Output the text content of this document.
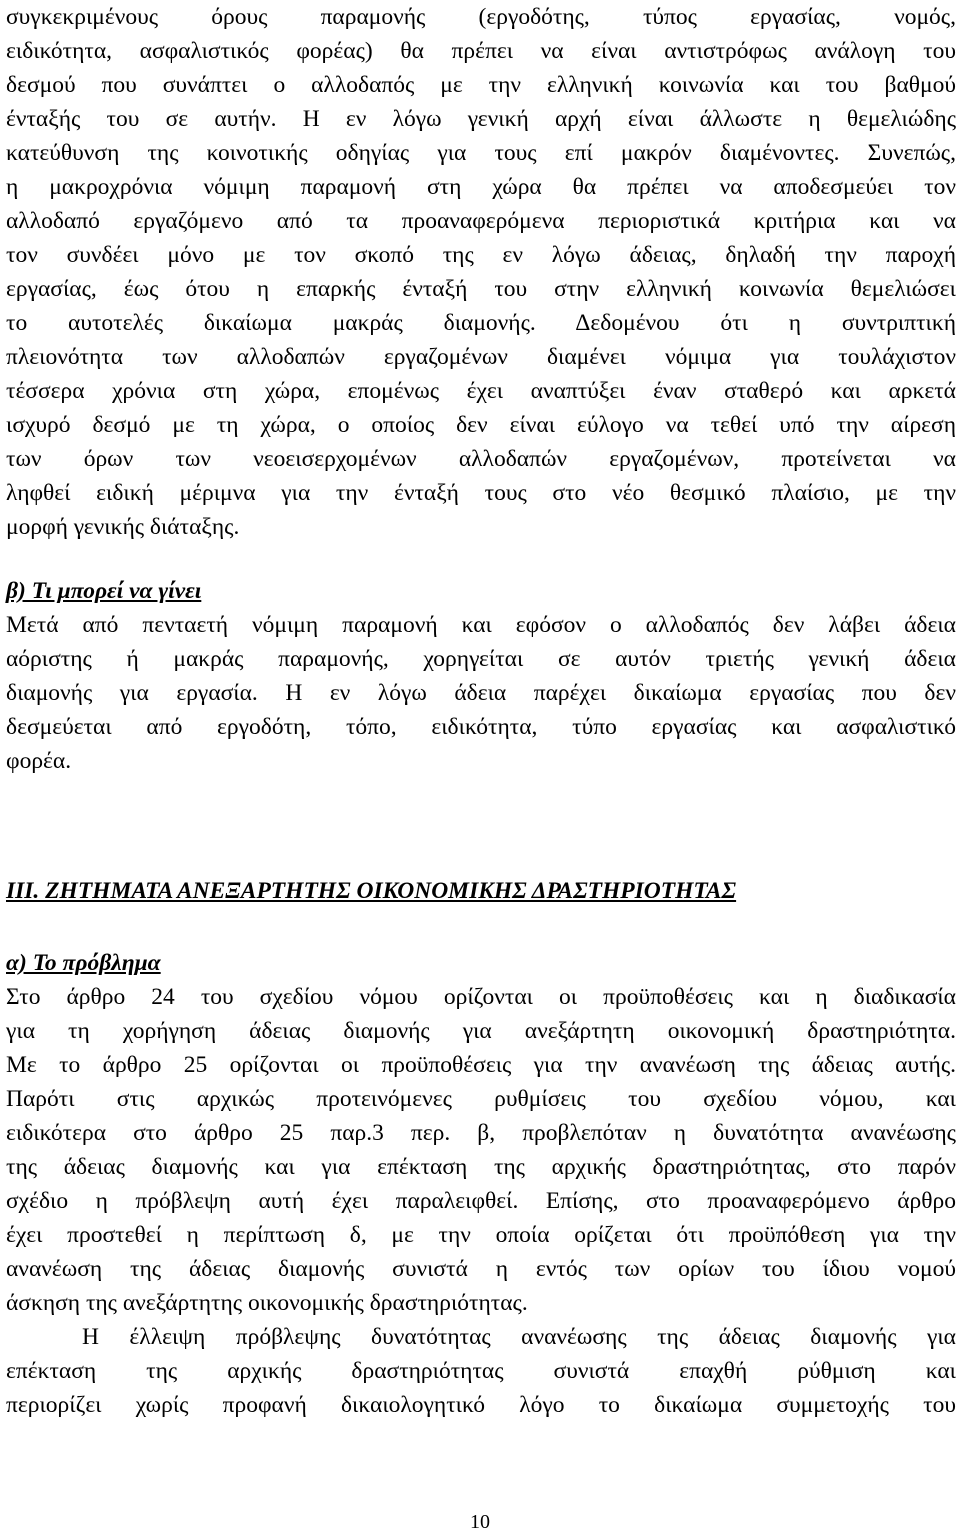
συγκεκριμένους όρους παραμονής (εργοδότης, τύπος εργασίας, νομός,
ειδικότητα, ασφαλιστικός φορέας) θα πρέπει να είναι αντιστρόφως ανάλογη του
δεσμού που συνάπτει ο αλλοδαπός με την ελληνική κοινωνία και του βαθμού
ένταξής του σε αυτήν. Η εν λόγω γενική αρχή είναι άλλωστε η θεμελιώδης
κατεύθυνση της κοινοτικής οδηγίας για τους επί μακρόν διαμένοντες. Συνεπώς,
η μακροχρόνια νόμιμη παραμονή στη χώρα θα πρέπει να αποδεσμεύει τον
αλλοδαπό εργαζόμενο από τα προαναφερόμενα περιοριστικά κριτήρια και να
τον συνδέει μόνο με τον σκοπό της εν λόγω άδειας, δηλαδή την παροχή
εργασίας, έως ότου η επαρκής ένταξή του στην ελληνική κοινωνία θεμελιώσει
το αυτοτελές δικαίωμα μακράς διαμονής. Δεδομένου ότι η συντριπτική
πλειονότητα των αλλοδαπών εργαζομένων διαμένει νόμιμα για τουλάχιστον
τέσσερα χρόνια στη χώρα, επομένως έχει αναπτύξει έναν σταθερό και αρκετά
ισχυρό δεσμό με τη χώρα, ο οποίος δεν είναι εύλογο να τεθεί υπό την αίρεση
των όρων των νεοεισερχομένων αλλοδαπών εργαζομένων, προτείνεται να
ληφθεί ειδική μέριμνα για την ένταξή τους στο νέο θεσμικό πλαίσιο, με την
μορφή γενικής διάταξης.
β) Τι μπορεί να γίνει
Μετά από πενταετή νόμιμη παραμονή και εφόσον ο αλλοδαπός δεν λάβει άδεια
αόριστης ή μακράς παραμονής, χορηγείται σε αυτόν τριετής γενική άδεια
διαμονής για εργασία. Η εν λόγω άδεια παρέχει δικαίωμα εργασίας που δεν
δεσμεύεται από εργοδότη, τόπο, ειδικότητα, τύπο εργασίας και ασφαλιστικό
φορέα.
ΙΙΙ. ΖΗΤΗΜΑΤΑ ΑΝΕΞΑΡΤΗΤΗΣ ΟΙΚΟΝΟΜΙΚΗΣ ΔΡΑΣΤΗΡΙΟΤΗΤΑΣ
α) Το πρόβλημα
Στο άρθρο 24 του σχεδίου νόμου ορίζονται οι προϋποθέσεις και η διαδικασία
για τη χορήγηση άδειας διαμονής για ανεξάρτητη οικονομική δραστηριότητα.
Με το άρθρο 25 ορίζονται οι προϋποθέσεις για την ανανέωση της άδειας αυτής.
Παρότι στις αρχικώς προτεινόμενες ρυθμίσεις του σχεδίου νόμου, και
ειδικότερα στο άρθρο 25 παρ.3 περ. β, προβλεπόταν η δυνατότητα ανανέωσης
της άδειας διαμονής και για επέκταση της αρχικής δραστηριότητας, στο παρόν
σχέδιο η πρόβλεψη αυτή έχει παραλειφθεί. Επίσης, στο προαναφερόμενο άρθρο
έχει προστεθεί η περίπτωση δ, με την οποία ορίζεται ότι προϋπόθεση για την
ανανέωση της άδειας διαμονής συνιστά η εντός των ορίων του ίδιου νομού
άσκηση της ανεξάρτητης οικονομικής δραστηριότητας.
Η έλλειψη πρόβλεψης δυνατότητας ανανέωσης της άδειας διαμονής για
επέκταση της αρχικής δραστηριότητας συνιστά επαχθή ρύθμιση και
περιορίζει χωρίς προφανή δικαιολογητικό λόγο το δικαίωμα συμμετοχής του
10
